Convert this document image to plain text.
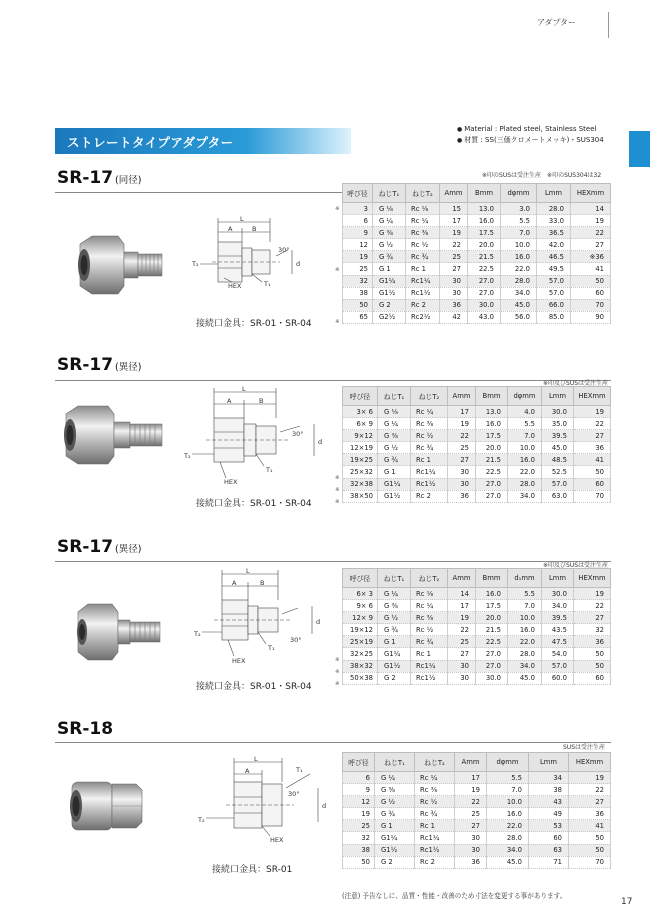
アダプター
ストレートタイプアダプター
● Material : Plated steel, Stainless Steel
● 材質 : SS(三価クロメートメッキ)・SUS304
SR-17 (同径)	※印のSUSは受注生産　※印のSUS304は32
L
A	B
T₂
T₁
HEX
d
30°
接続口金具：SR-01・SR-04
呼び径	ねじT₁	ねじT₂	Amm	Bmm	dφmm	Lmm	HEXmm
3	G ⅛	Rc ⅛	15	13.0	3.0	28.0	14
6	G ¼	Rc ¼	17	16.0	5.5	33.0	19
9	G ⅜	Rc ⅜	19	17.5	7.0	36.5	22
12	G ½	Rc ½	22	20.0	10.0	42.0	27
19	G ¾	Rc ¾	25	21.5	16.0	46.5	※36
25	G 1	Rc 1	27	22.5	22.0	49.5	41
32	G1¼	Rc1¼	30	27.0	28.0	57.0	50
38	G1½	Rc1½	30	27.0	34.0	57.0	60
50	G 2	Rc 2	36	30.0	45.0	66.0	70
65	G2½	Rc2½	42	43.0	56.0	85.0	90
※
※
※
SR-17 (異径)
※印及びSUSは受注生産
L
A	B
T₂
T₁
HEX
d
30°
接続口金具：SR-01・SR-04
呼び径	ねじT₁	ねじT₂	Amm	Bmm	dφmm	Lmm	HEXmm
3× 6	G ⅛	Rc ¼	17	13.0	4.0	30.0	19
6× 9	G ¼	Rc ⅜	19	16.0	5.5	35.0	22
9×12	G ⅜	Rc ½	22	17.5	7.0	39.5	27
12×19	G ½	Rc ¾	25	20.0	10.0	45.0	36
19×25	G ¾	Rc 1	27	21.5	16.0	48.5	41
25×32	G 1	Rc1¼	30	22.5	22.0	52.5	50
32×38	G1¼	Rc1½	30	27.0	28.0	57.0	60
38×50	G1½	Rc 2	36	27.0	34.0	63.0	70
※
※
※
SR-17 (異径)
※印及びSUSは受注生産
L
A	B
T₂
T₁
HEX
d
30°
接続口金具：SR-01・SR-04
呼び径	ねじT₁	ねじT₂	Amm	Bmm	d₁mm	Lmm	HEXmm
6× 3	G ¼	Rc ⅛	14	16.0	5.5	30.0	19
9× 6	G ⅜	Rc ¼	17	17.5	7.0	34.0	22
12× 9	G ½	Rc ⅜	19	20.0	10.0	39.5	27
19×12	G ¾	Rc ½	22	21.5	16.0	43.5	32
25×19	G 1	Rc ¾	25	22.5	22.0	47.5	36
32×25	G1¼	Rc 1	27	27.0	28.0	54.0	50
38×32	G1½	Rc1¼	30	27.0	34.0	57.0	50
50×38	G 2	Rc1½	30	30.0	45.0	60.0	60
※
※
※
SR-18
SUSは受注生産
L
A
T₂
T₁
HEX
d
30°
接続口金具：SR-01
呼び径	ねじT₁	ねじT₂	Amm	dφmm	Lmm	HEXmm
6	G ¼	Rc ¼	17	5.5	34	19
9	G ⅜	Rc ⅜	19	7.0	38	22
12	G ½	Rc ½	22	10.0	43	27
19	G ¾	Rc ¾	25	16.0	49	36
25	G 1	Rc 1	27	22.0	53	41
32	G1¼	Rc1¼	30	28.0	60	50
38	G1½	Rc1½	30	34.0	63	50
50	G 2	Rc 2	36	45.0	71	70
(注意) 予告なしに、品質・性能・改善のため寸法を変更する事があります。
17
